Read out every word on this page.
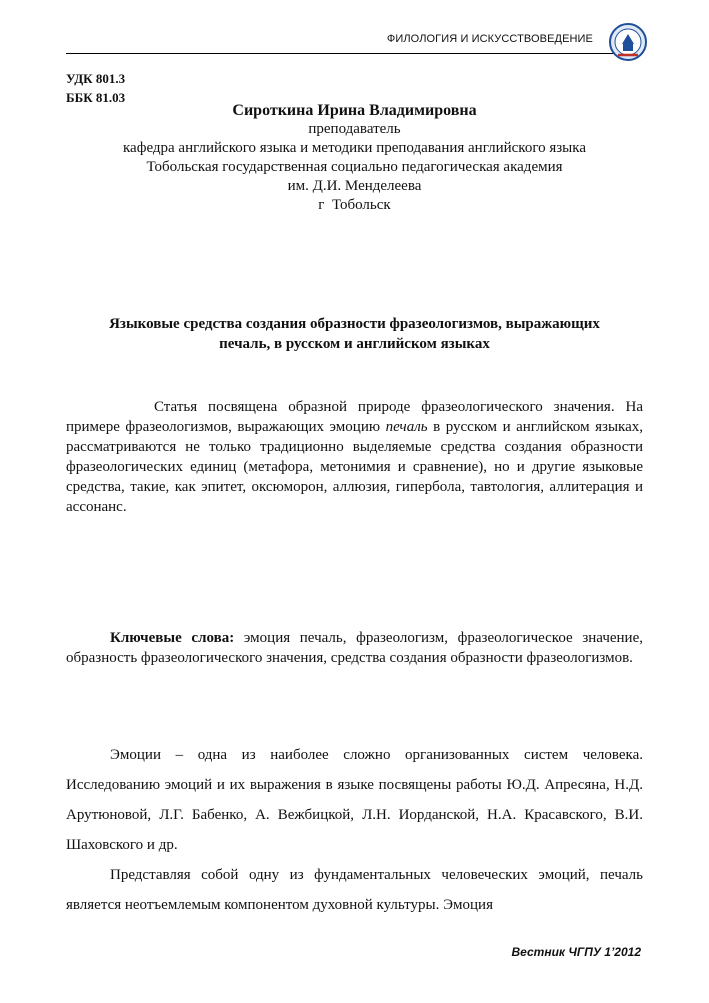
ФИЛОЛОГИЯ И ИСКУССТВОВЕДЕНИЕ
УДК 801.3
ББК 81.03
Сироткина Ирина Владимировна
преподаватель
кафедра английского языка и методики преподавания английского языка
Тобольская государственная социально педагогическая академия
им. Д.И. Менделеева
г  Тобольск
Языковые средства создания образности фразеологизмов, выражающих
печаль, в русском и английском языках
Статья посвящена образной природе фразеологического значения. На примере фразеологизмов, выражающих эмоцию печаль в русском и английском языках, рассматриваются не только традиционно выделяемые средства создания образности фразеологических единиц (метафора, метонимия и сравнение), но и другие языковые средства, такие, как эпитет, оксюморон, аллюзия, гипербола, тавтология, аллитерация и ассонанс.
Ключевые слова: эмоция печаль, фразеологизм, фразеологическое значение, образность фразеологического значения, средства создания образности фразеологизмов.

Эмоции – одна из наиболее сложно организованных систем человека. Исследованию эмоций и их выражения в языке посвящены работы Ю.Д. Апресяна, Н.Д. Арутюновой, Л.Г. Бабенко, А. Вежбицкой, Л.Н. Иорданской, Н.А. Красавского, В.И. Шаховского и др.

Представляя собой одну из фундаментальных человеческих эмоций, печаль является неотъемлемым компонентом духовной культуры. Эмоция

Вестник ЧГПУ 1’2012
